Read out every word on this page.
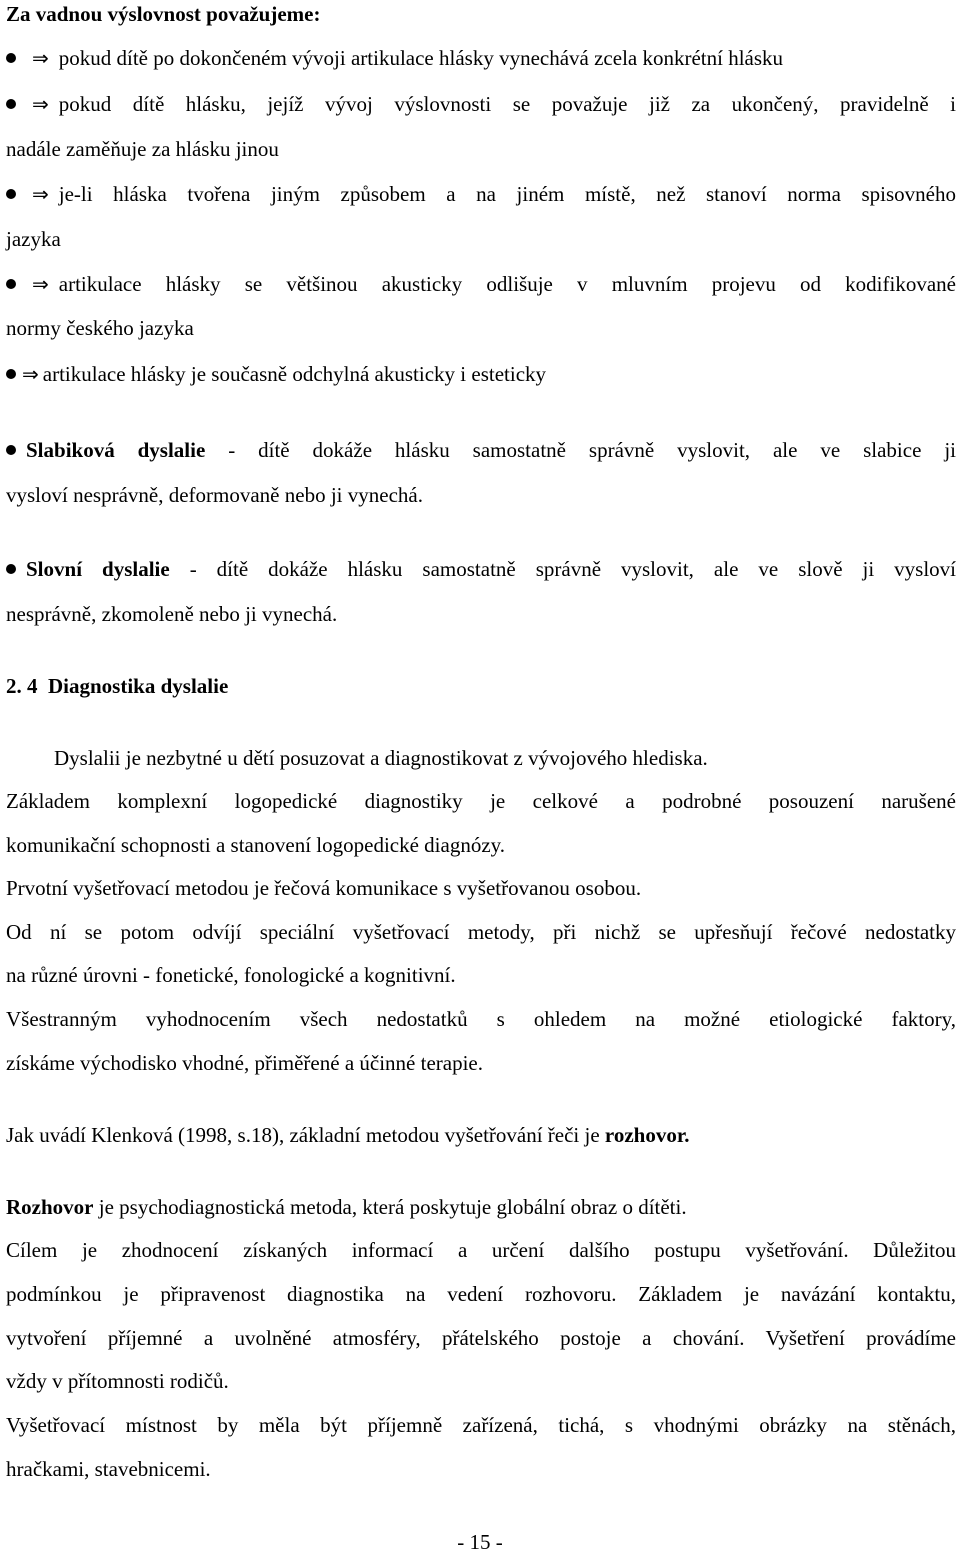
Za vadnou výslovnost považujeme:
⇒ pokud dítě po dokončeném vývoji artikulace hlásky vynechává zcela konkrétní hlásku
⇒ pokud dítě hlásku, jejíž vývoj výslovnosti se považuje již za ukončený, pravidelně i
nadále zaměňuje za hlásku jinou
⇒ je-li hláska tvořena jiným způsobem a na jiném místě, než stanoví norma spisovného
jazyka
⇒ artikulace hlásky se většinou akusticky odlišuje v mluvním projevu od kodifikované
normy českého jazyka
⇒ artikulace hlásky je současně odchylná akusticky i esteticky
Slabiková dyslalie - dítě dokáže hlásku samostatně správně vyslovit, ale ve slabice ji
vysloví nesprávně, deformovaně nebo ji vynechá.
Slovní dyslalie - dítě dokáže hlásku samostatně správně vyslovit, ale ve slově ji vysloví
nesprávně, zkomoleně nebo ji vynechá.
2. 4 Diagnostika dyslalie
Dyslalii je nezbytné u dětí posuzovat a diagnostikovat z vývojového hlediska.
Základem komplexní logopedické diagnostiky je celkové a podrobné posouzení narušené
komunikační schopnosti a stanovení logopedické diagnózy.
Prvotní vyšetřovací metodou je řečová komunikace s vyšetřovanou osobou.
Od ní se potom odvíjí speciální vyšetřovací metody, při nichž se upřesňují řečové nedostatky
na různé úrovni - fonetické, fonologické a kognitivní.
Všestranným vyhodnocením všech nedostatků s ohledem na možné etiologické faktory,
získáme východisko vhodné, přiměřené a účinné terapie.
Jak uvádí Klenková (1998, s.18), základní metodou vyšetřování řeči je rozhovor.
Rozhovor je psychodiagnostická metoda, která poskytuje globální obraz o dítěti.
Cílem je zhodnocení získaných informací a určení dalšího postupu vyšetřování. Důležitou
podmínkou je připravenost diagnostika na vedení rozhovoru. Základem je navázání kontaktu,
vytvoření příjemné a uvolněné atmosféry, přátelského postoje a chování. Vyšetření provádíme
vždy v přítomnosti rodičů.
Vyšetřovací místnost by měla být příjemně zařízená, tichá, s vhodnými obrázky na stěnách,
hračkami, stavebnicemi.
- 15 -
